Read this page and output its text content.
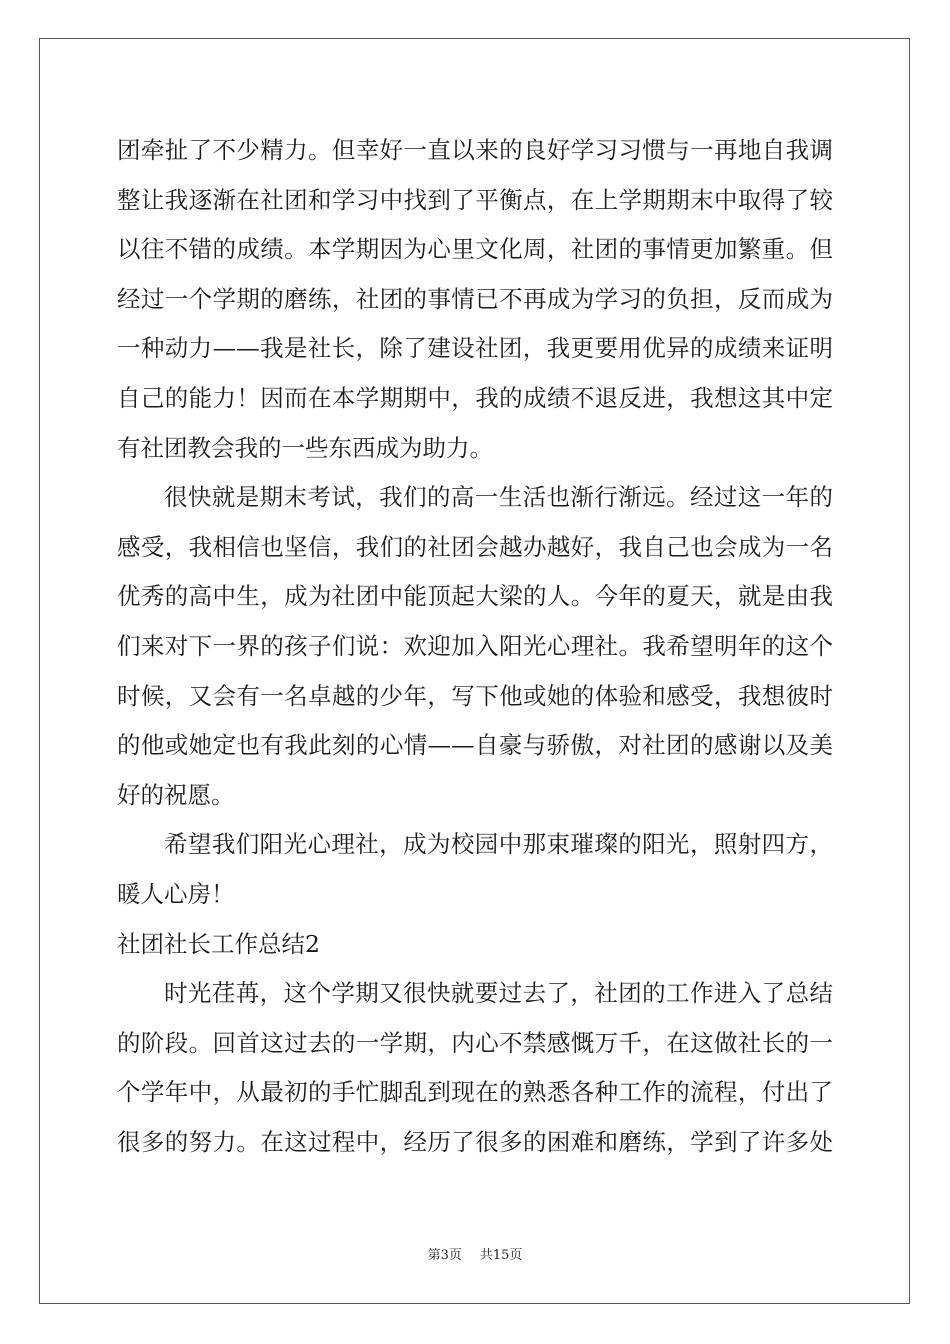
团牵扯了不少精力。但幸好一直以来的良好学习习惯与一再地自我调
整让我逐渐在社团和学习中找到了平衡点，在上学期期末中取得了较
以往不错的成绩。本学期因为心里文化周，社团的事情更加繁重。但
经过一个学期的磨练，社团的事情已不再成为学习的负担，反而成为
一种动力——我是社长，除了建设社团，我更要用优异的成绩来证明
自己的能力！因而在本学期期中，我的成绩不退反进，我想这其中定
有社团教会我的一些东西成为助力。
很快就是期末考试，我们的高一生活也渐行渐远。经过这一年的
感受，我相信也坚信，我们的社团会越办越好，我自己也会成为一名
优秀的高中生，成为社团中能顶起大梁的人。今年的夏天，就是由我
们来对下一界的孩子们说：欢迎加入阳光心理社。我希望明年的这个
时候，又会有一名卓越的少年，写下他或她的体验和感受，我想彼时
的他或她定也有我此刻的心情——自豪与骄傲，对社团的感谢以及美
好的祝愿。
希望我们阳光心理社，成为校园中那束璀璨的阳光，照射四方，
暖人心房！
社团社长工作总结2
时光荏苒，这个学期又很快就要过去了，社团的工作进入了总结
的阶段。回首这过去的一学期，内心不禁感慨万千，在这做社长的一
个学年中，从最初的手忙脚乱到现在的熟悉各种工作的流程，付出了
很多的努力。在这过程中，经历了很多的困难和磨练，学到了许多处
第3页 共15页
